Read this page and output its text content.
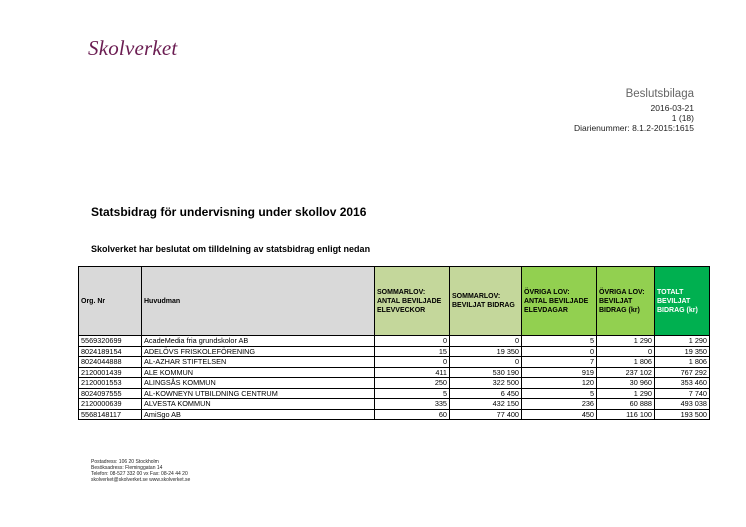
Skolverket
Beslutsbilaga
2016-03-21
1 (18)
Diarienummer: 8.1.2-2015:1615
Statsbidrag för undervisning under skollov 2016
Skolverket har beslutat om tilldelning av statsbidrag enligt nedan
Org. Nr	Huvudman	SOMMARLOV: ANTAL BEVILJADE ELEVVECKOR	SOMMARLOV: BEVILJAT BIDRAG	ÖVRIGA LOV: ANTAL BEVILJADE ELEVDAGAR	ÖVRIGA LOV: BEVILJAT BIDRAG (kr)	TOTALT BEVILJAT BIDRAG (kr)
5569320699	AcadeMedia fria grundskolor AB	0	0	5	1 290	1 290
8024189154	ADELÖVS FRISKOLEFÖRENING	15	19 350	0	0	19 350
8024044888	AL-AZHAR STIFTELSEN	0	0	7	1 806	1 806
2120001439	ALE KOMMUN	411	530 190	919	237 102	767 292
2120001553	ALINGSÅS KOMMUN	250	322 500	120	30 960	353 460
8024097555	AL-KOWNEYN UTBILDNING CENTRUM	5	6 450	5	1 290	7 740
2120000639	ALVESTA KOMMUN	335	432 150	236	60 888	493 038
5568148117	AmiSgo AB	60	77 400	450	116 100	193 500
Postadress: 106 20 Stockholm
Besöksadress: Fleminggatan 14
Telefon: 08-527 332 00 vx Fax: 08-24 44 20
skolverket@skolverket.se www.skolverket.se
